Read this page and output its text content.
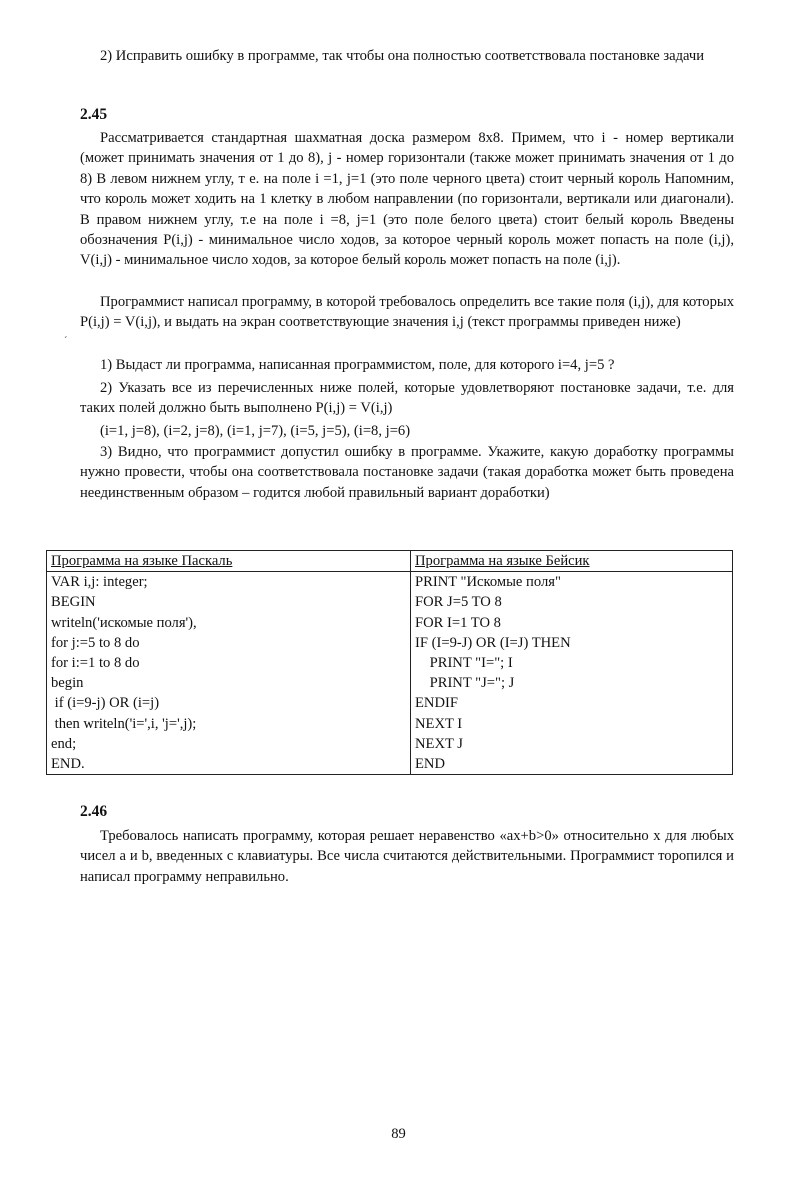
2) Исправить ошибку в программе, так чтобы она полностью соответствовала постановке задачи

2.45

Рассматривается стандартная шахматная доска размером 8х8. Примем, что i - номер вертикали (может принимать значения от 1 до 8), j - номер горизонтали (также может принимать значения от 1 до 8) В левом нижнем углу, т е. на поле i =1, j=1 (это поле черного цвета) стоит черный король Напомним, что король может ходить на 1 клетку в любом направлении (по горизонтали, вертикали или диагонали). В правом нижнем углу, т.е на поле i =8, j=1 (это поле белого цвета) стоит белый король Введены обозначения P(i,j) - минимальное число ходов, за которое черный король может попасть на поле (i,j), V(i,j) - минимальное число ходов, за которое белый король может попасть на поле (i,j).

Программист написал программу, в которой требовалось определить все такие поля (i,j), для которых P(i,j) = V(i,j), и выдать на экран соответствующие значения i,j (текст программы приведен ниже)

1) Выдаст ли программа, написанная программистом, поле, для которого i=4, j=5 ?

2) Указать все из перечисленных ниже полей, которые удовлетворяют постановке задачи, т.е. для таких полей должно быть выполнено P(i,j) = V(i,j)

(i=1, j=8), (i=2, j=8), (i=1, j=7), (i=5, j=5), (i=8, j=6)

3) Видно, что программист допустил ошибку в программе. Укажите, какую доработку программы нужно провести, чтобы она соответствовала постановке задачи (такая доработка может быть проведена неединственным образом – годится любой правильный вариант доработки)

Программа на языке Паскаль	Программа на языке Бейсик
VAR i,j: integer;	PRINT "Искомые поля"
BEGIN	FOR J=5 TO 8
writeln('искомые поля'),	FOR I=1 TO 8
for j:=5 to 8 do	IF (I=9-J) OR (I=J) THEN
for i:=1 to 8 do	PRINT "I="; I
begin	PRINT "J="; J
if (i=9-j) OR (i=j)	ENDIF
then writeln('i=',i, 'j=',j);	NEXT I
end;	NEXT J
END.	END

2.46

Требовалось написать программу, которая решает неравенство «ax+b>0» относительно x для любых чисел a и b, введенных с клавиатуры. Все числа считаются действительными. Программист торопился и написал программу неправильно.

89
ˊ
